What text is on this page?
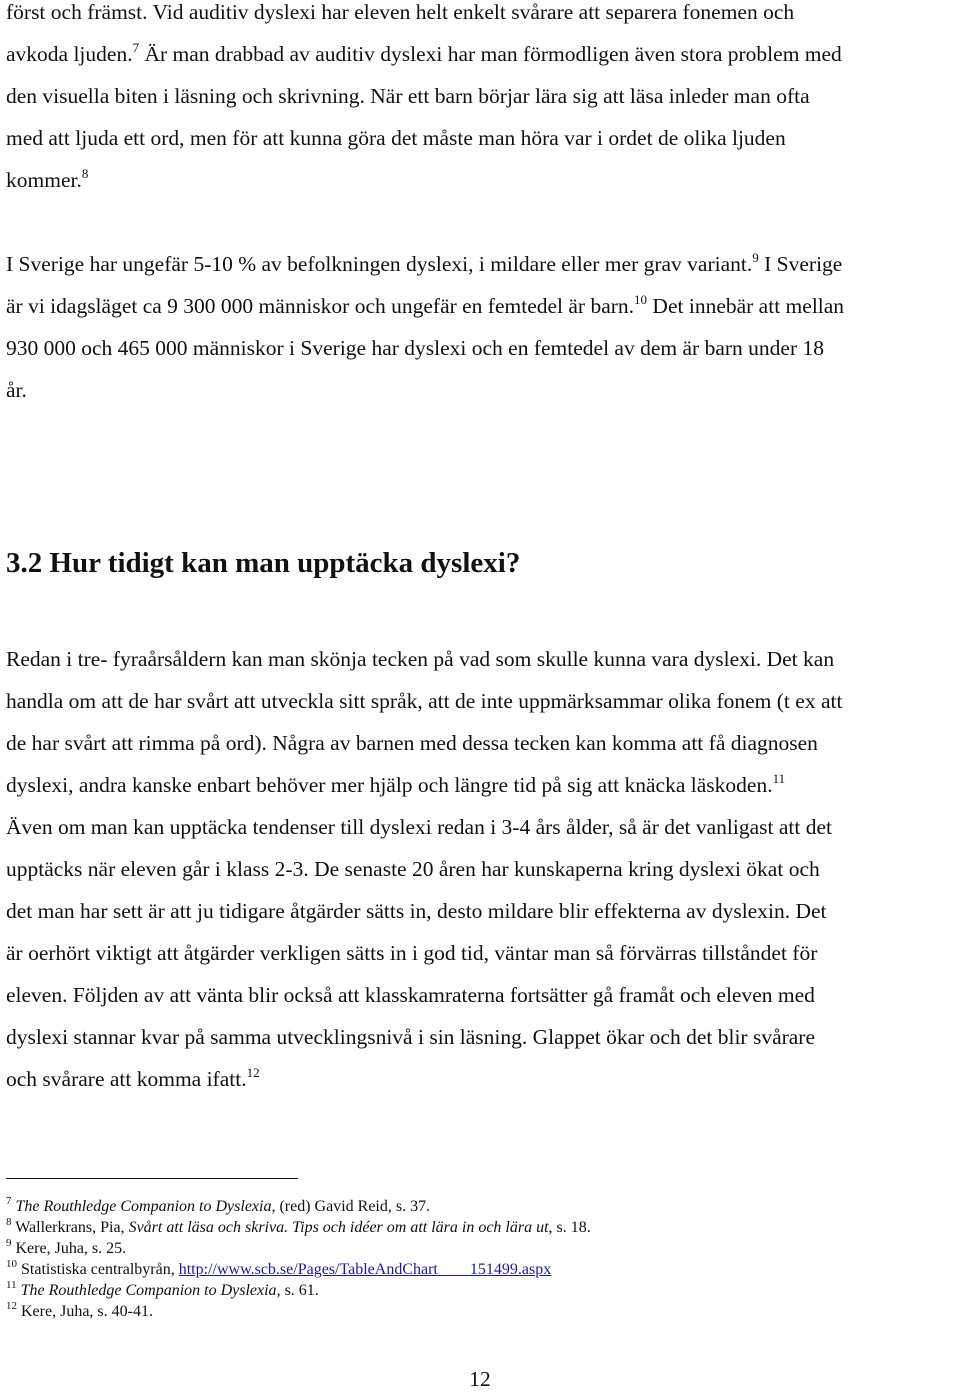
först och främst. Vid auditiv dyslexi har eleven helt enkelt svårare att separera fonemen och
avkoda ljuden.$^7$ Är man drabbad av auditiv dyslexi har man förmodligen även stora problem med
den visuella biten i läsning och skrivning. När ett barn börjar lära sig att läsa inleder man ofta
med att ljuda ett ord, men för att kunna göra det måste man höra var i ordet de olika ljuden
kommer.$^8$
I Sverige har ungefär 5-10 % av befolkningen dyslexi, i mildare eller mer grav variant.$^9$ I Sverige
är vi idagsläget ca 9 300 000 människor och ungefär en femtedel är barn.$^{10}$ Det innebär att mellan
930 000 och 465 000 människor i Sverige har dyslexi och en femtedel av dem är barn under 18
år.
3.2 Hur tidigt kan man upptäcka dyslexi?
Redan i tre- fyraårsåldern kan man skönja tecken på vad som skulle kunna vara dyslexi. Det kan
handla om att de har svårt att utveckla sitt språk, att de inte uppmärksammar olika fonem (t ex att
de har svårt att rimma på ord). Några av barnen med dessa tecken kan komma att få diagnosen
dyslexi, andra kanske enbart behöver mer hjälp och längre tid på sig att knäcka läskoden.$^{11}$
Även om man kan upptäcka tendenser till dyslexi redan i 3-4 års ålder, så är det vanligast att det
upptäcks när eleven går i klass 2-3. De senaste 20 åren har kunskaperna kring dyslexi ökat och
det man har sett är att ju tidigare åtgärder sätts in, desto mildare blir effekterna av dyslexin. Det
är oerhört viktigt att åtgärder verkligen sätts in i god tid, väntar man så förvärras tillståndet för
eleven. Följden av att vänta blir också att klasskamraterna fortsätter gå framåt och eleven med
dyslexi stannar kvar på samma utvecklingsnivå i sin läsning. Glappet ökar och det blir svårare
och svårare att komma ifatt.$^{12}$

$^7$ The Routhledge Companion to Dyslexia, (red) Gavid Reid, s. 37.

$^8$ Wallerkrans, Pia, Svårt att läsa och skriva. Tips och idéer om att lära in och lära ut, s. 18.

$^9$ Kere, Juha, s. 25.

$^{10}$ Statistiska centralbyrån, http://www.scb.se/Pages/TableAndChart____151499.aspx

$^{11}$ The Routhledge Companion to Dyslexia, s. 61.

$^{12}$ Kere, Juha, s. 40-41.

12
